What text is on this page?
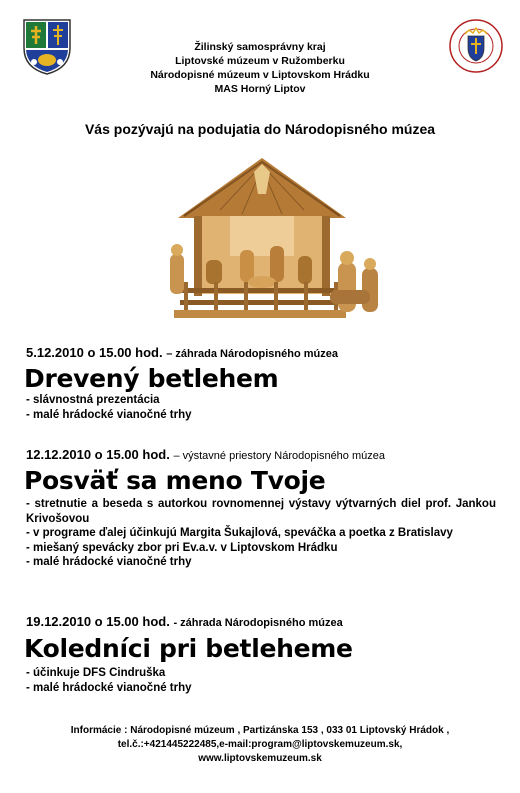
Žilinský samosprávny kraj
Liptovské múzeum v Ružomberku
Národopisné múzeum v Liptovskom Hrádku
MAS Horný Liptov
Vás pozývajú na podujatia do Národopisného múzea
5.12.2010 o 15.00 hod. – záhrada Národopisného múzea
Drevený betlehem
- slávnostná prezentácia
- malé hrádocké vianočné trhy
12.12.2010 o 15.00 hod. – výstavné priestory Národopisného múzea
Posväť sa meno Tvoje
- stretnutie a beseda s autorkou rovnomennej výstavy výtvarných diel prof. Jankou Krivošovou
- v programe ďalej účinkujú Margita Šukajlová, speváčka a poetka z Bratislavy
- miešaný spevácky zbor pri Ev.a.v. v Liptovskom Hrádku
- malé hrádocké vianočné trhy
19.12.2010 o 15.00 hod. - záhrada Národopisného múzea
Koledníci pri betleheme
- účinkuje DFS Cindruška
- malé hrádocké vianočné trhy
Informácie : Národopisné múzeum , Partizánska 153 , 033 01 Liptovský Hrádok ,
tel.č.:+421445222485,e-mail:program@liptovskemuzeum.sk,
www.liptovskemuzeum.sk
